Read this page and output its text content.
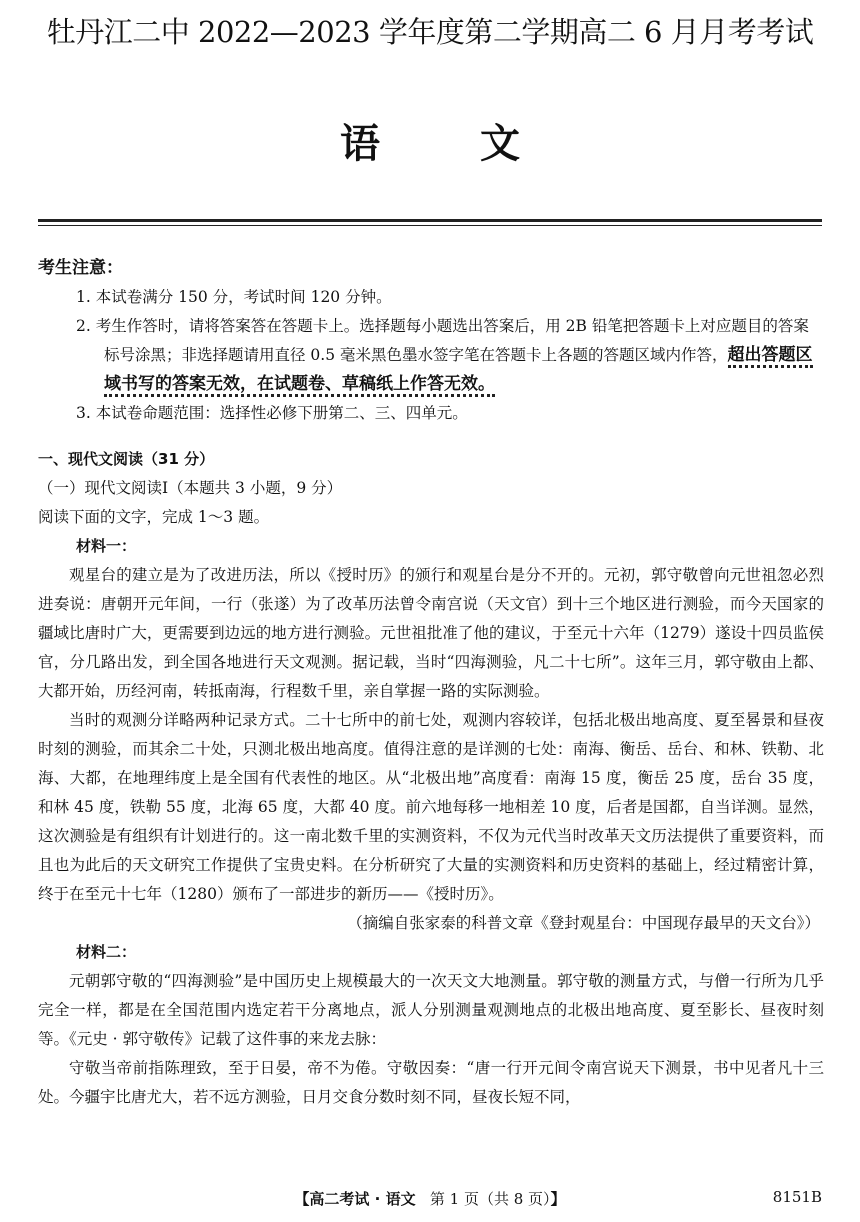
牡丹江二中 2022—2023 学年度第二学期高二 6 月月考考试
语文
考生注意：
1. 本试卷满分 150 分，考试时间 120 分钟。
2. 考生作答时，请将答案答在答题卡上。选择题每小题选出答案后，用 2B 铅笔把答题卡上对应题目的答案标号涂黑；非选择题请用直径 0.5 毫米黑色墨水签字笔在答题卡上各题的答题区域内作答，超出答题区域书写的答案无效，在试题卷、草稿纸上作答无效。
3. 本试卷命题范围：选择性必修下册第二、三、四单元。
一、现代文阅读（31 分）
（一）现代文阅读Ⅰ（本题共 3 小题，9 分）
阅读下面的文字，完成 1～3 题。
材料一：
观星台的建立是为了改进历法，所以《授时历》的颁行和观星台是分不开的。元初，郭守敬曾向元世祖忽必烈进奏说：唐朝开元年间，一行（张遂）为了改革历法曾令南宫说（天文官）到十三个地区进行测验，而今天国家的疆域比唐时广大，更需要到边远的地方进行测验。元世祖批准了他的建议，于至元十六年（1279）遂设十四员监侯官，分几路出发，到全国各地进行天文观测。据记载，当时“四海测验，凡二十七所”。这年三月，郭守敬由上都、大都开始，历经河南，转抵南海，行程数千里，亲自掌握一路的实际测验。
当时的观测分详略两种记录方式。二十七所中的前七处，观测内容较详，包括北极出地高度、夏至晷景和昼夜时刻的测验，而其余二十处，只测北极出地高度。值得注意的是详测的七处：南海、衡岳、岳台、和林、铁勒、北海、大都，在地理纬度上是全国有代表性的地区。从“北极出地”高度看：南海 15 度，衡岳 25 度，岳台 35 度，和林 45 度，铁勒 55 度，北海 65 度，大都 40 度。前六地每移一地相差 10 度，后者是国都，自当详测。显然，这次测验是有组织有计划进行的。这一南北数千里的实测资料，不仅为元代当时改革天文历法提供了重要资料，而且也为此后的天文研究工作提供了宝贵史料。在分析研究了大量的实测资料和历史资料的基础上，经过精密计算，终于在至元十七年（1280）颁布了一部进步的新历——《授时历》。
（摘编自张家泰的科普文章《登封观星台：中国现存最早的天文台》）
材料二：
元朝郭守敬的“四海测验”是中国历史上规模最大的一次天文大地测量。郭守敬的测量方式，与僧一行所为几乎完全一样，都是在全国范围内选定若干分离地点，派人分别测量观测地点的北极出地高度、夏至影长、昼夜时刻等。《元史 · 郭守敬传》记载了这件事的来龙去脉：
守敬当帝前指陈理致，至于日晏，帝不为倦。守敬因奏：“唐一行开元间令南宫说天下测景，书中见者凡十三处。今疆宇比唐尤大，若不远方测验，日月交食分数时刻不同，昼夜长短不同，
【高二考试 · 语文 第 1 页（共 8 页）】	8151B
